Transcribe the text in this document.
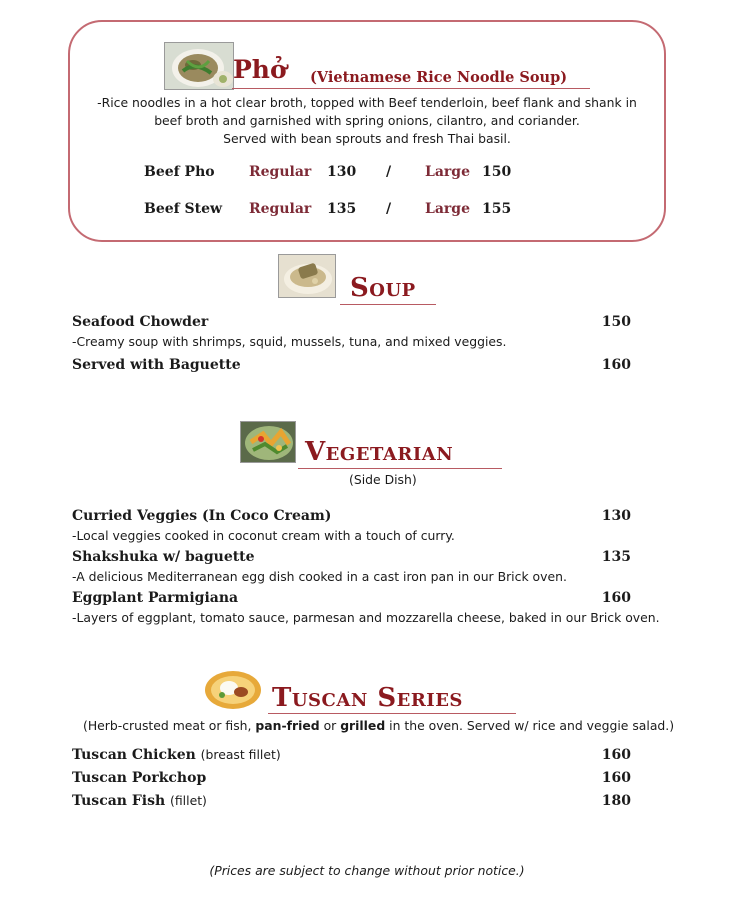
Phở (Vietnamese Rice Noodle Soup)
-Rice noodles in a hot clear broth, topped with Beef tenderloin, beef flank and shank in
beef broth and garnished with spring onions, cilantro, and coriander.
Served with bean sprouts and fresh Thai basil.
Beef Pho Regular 130 / Large 150
Beef Stew Regular 135 / Large 155
Soup
Seafood Chowder	150
-Creamy soup with shrimps, squid, mussels, tuna, and mixed veggies.
Served with Baguette	160
Vegetarian
(Side Dish)
Curried Veggies (In Coco Cream)	130
-Local veggies cooked in coconut cream with a touch of curry.
Shakshuka w/ baguette	135
-A delicious Mediterranean egg dish cooked in a cast iron pan in our Brick oven.
Eggplant Parmigiana	160
-Layers of eggplant, tomato sauce, parmesan and mozzarella cheese, baked in our Brick oven.
Tuscan Series
(Herb-crusted meat or fish, pan-fried or grilled in the oven. Served w/ rice and veggie salad.)
Tuscan Chicken (breast fillet)	160
Tuscan Porkchop	160
Tuscan Fish (fillet)	180
(Prices are subject to change without prior notice.)
